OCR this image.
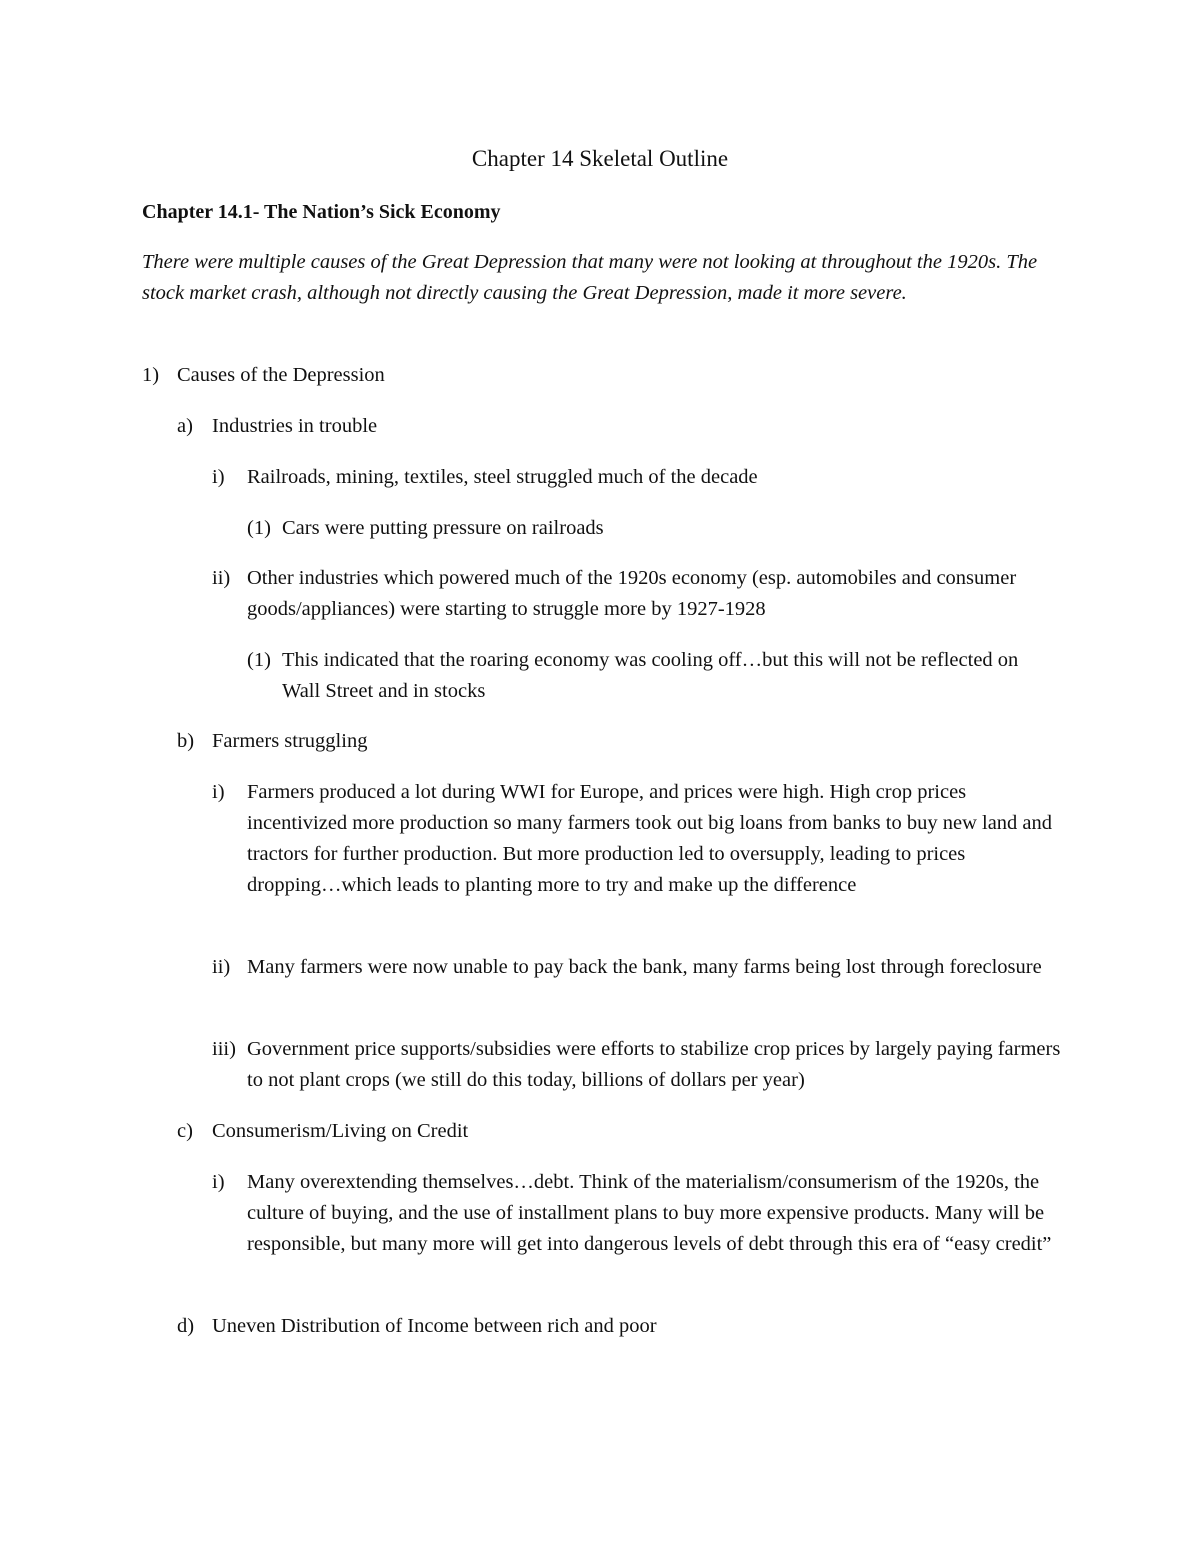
Chapter 14 Skeletal Outline
Chapter 14.1- The Nation’s Sick Economy

There were multiple causes of the Great Depression that many were not looking at throughout the 1920s. The stock market crash, although not directly causing the Great Depression, made it more severe.

1) Causes of the Depression
a) Industries in trouble
i) Railroads, mining, textiles, steel struggled much of the decade
(1) Cars were putting pressure on railroads
ii) Other industries which powered much of the 1920s economy (esp. automobiles and consumer goods/appliances) were starting to struggle more by 1927-1928
(1) This indicated that the roaring economy was cooling off…but this will not be reflected on Wall Street and in stocks
b) Farmers struggling
i) Farmers produced a lot during WWI for Europe, and prices were high. High crop prices incentivized more production so many farmers took out big loans from banks to buy new land and tractors for further production. But more production led to oversupply, leading to prices dropping…which leads to planting more to try and make up the difference
ii) Many farmers were now unable to pay back the bank, many farms being lost through foreclosure
iii) Government price supports/subsidies were efforts to stabilize crop prices by largely paying farmers to not plant crops (we still do this today, billions of dollars per year)
c) Consumerism/Living on Credit
i) Many overextending themselves…debt. Think of the materialism/consumerism of the 1920s, the culture of buying, and the use of installment plans to buy more expensive products. Many will be responsible, but many more will get into dangerous levels of debt through this era of “easy credit”
d) Uneven Distribution of Income between rich and poor
